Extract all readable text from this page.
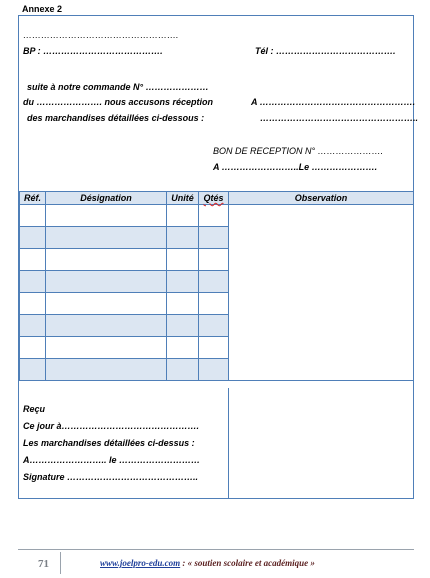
Annexe 2
…………………………………………….
BP : ………………………………….	Tél : ………………………………….
suite à notre commande N° …………………
du …………………. nous accusons réception	A …………………………………………….
des marchandises détaillées ci-dessous :	……………………………………………..
BON DE RECEPTION N° ………………….
A ……………………..Le ………………….
Réf.	Désignation	Unité	Qtés	Observation

Reçu
Ce jour à……………………………………….
Les marchandises détaillées ci-dessus :
A…………………….. le ………………………
Signature ……………………………………..
71	www.joelpro-edu.com : « soutien scolaire et académique »
